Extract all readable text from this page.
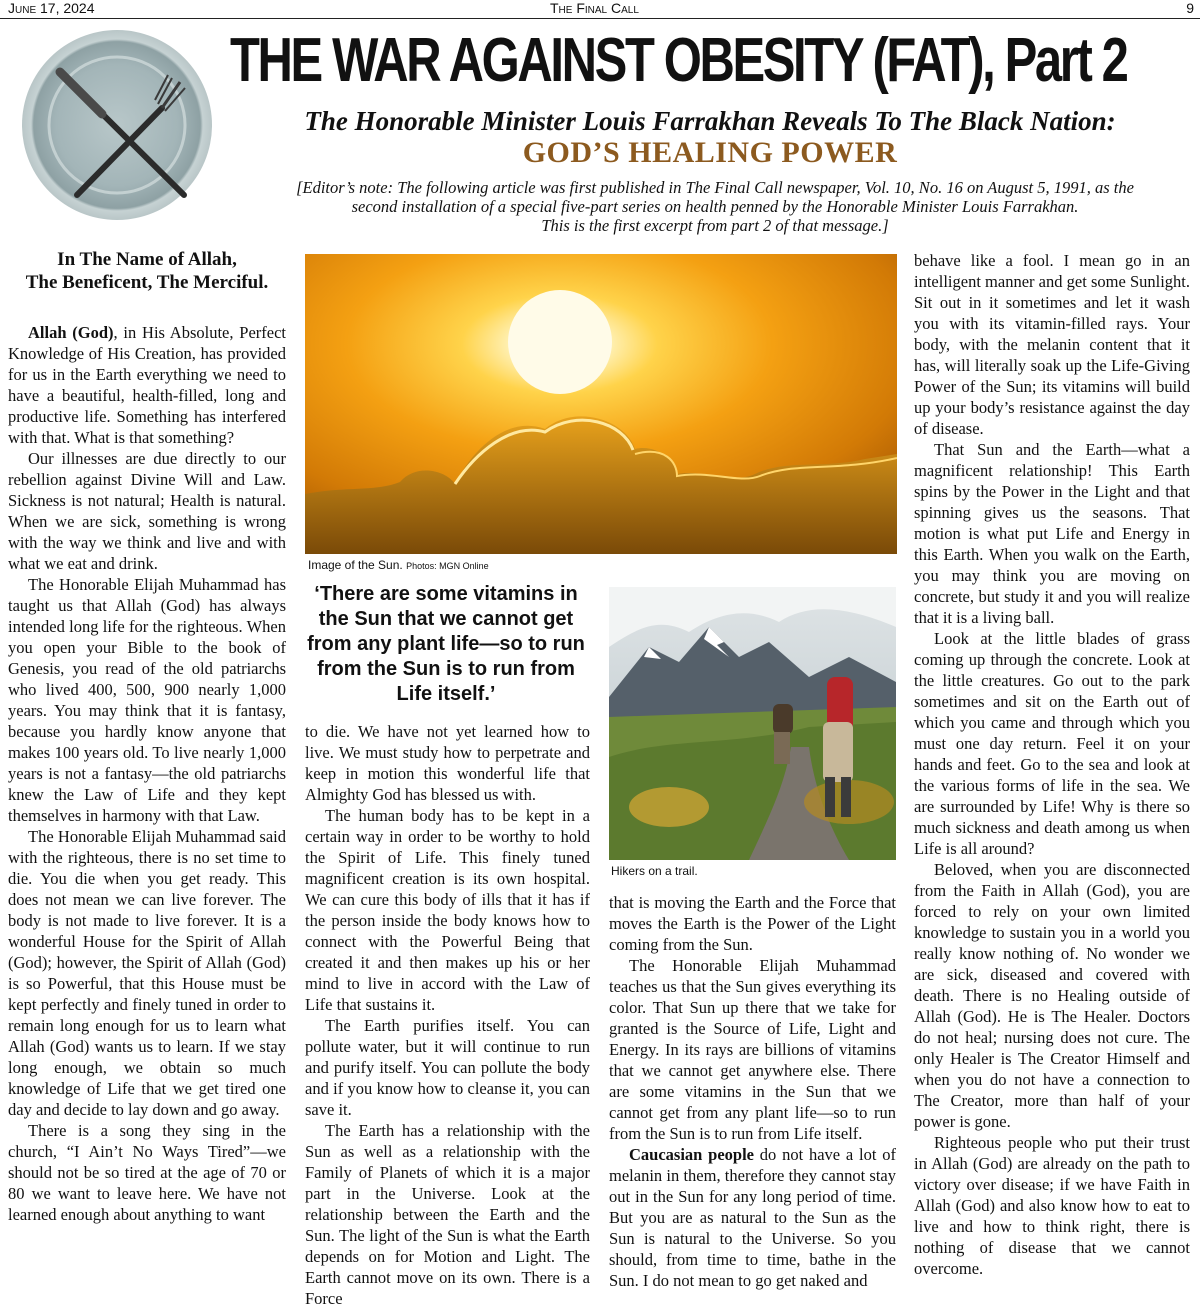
June 17, 2024	The Final Call	9
THE WAR AGAINST OBESITY (FAT), Part 2
The Honorable Minister Louis Farrakhan Reveals To The Black Nation:
GOD’S HEALING POWER
[Editor’s note: The following article was first published in The Final Call newspaper, Vol. 10, No. 16 on August 5, 1991, as the
second installation of a special five-part series on health penned by the Honorable Minister Louis Farrakhan.
This is the first excerpt from part 2 of that message.]
In The Name of Allah,
The Beneficent, The Merciful.

Allah (God), in His Absolute, Perfect Knowledge of His Creation, has provided for us in the Earth everything we need to have a beautiful, health-filled, long and productive life. Something has interfered with that. What is that something?

Our illnesses are due directly to our rebellion against Divine Will and Law. Sickness is not natural; Health is natural. When we are sick, something is wrong with the way we think and live and with what we eat and drink.

The Honorable Elijah Muhammad has taught us that Allah (God) has always intended long life for the righteous. When you open your Bible to the book of Genesis, you read of the old patriarchs who lived 400, 500, 900 nearly 1,000 years. You may think that it is fantasy, because you hardly know anyone that makes 100 years old. To live nearly 1,000 years is not a fantasy—the old patriarchs knew the Law of Life and they kept themselves in harmony with that Law.

The Honorable Elijah Muhammad said with the righteous, there is no set time to die. You die when you get ready. This does not mean we can live forever. The body is not made to live forever. It is a wonderful House for the Spirit of Allah (God); however, the Spirit of Allah (God) is so Powerful, that this House must be kept perfectly and finely tuned in order to remain long enough for us to learn what Allah (God) wants us to learn. If we stay long enough, we obtain so much knowledge of Life that we get tired one day and decide to lay down and go away.

There is a song they sing in the church, “I Ain’t No Ways Tired”—we should not be so tired at the age of 70 or 80 we want to leave here. We have not learned enough about anything to want

Image of the Sun. Photos: MGN Online
‘There are some vitamins in the Sun that we cannot get from any plant life—so to run from the Sun is to run from Life itself.’

to die. We have not yet learned how to live. We must study how to perpetrate and keep in motion this wonderful life that Almighty God has blessed us with.

The human body has to be kept in a certain way in order to be worthy to hold the Spirit of Life. This finely tuned magnificent creation is its own hospital. We can cure this body of ills that it has if the person inside the body knows how to connect with the Powerful Being that created it and then makes up his or her mind to live in accord with the Law of Life that sustains it.

The Earth purifies itself. You can pollute water, but it will continue to run and purify itself. You can pollute the body and if you know how to cleanse it, you can save it.

The Earth has a relationship with the Sun as well as a relationship with the Family of Planets of which it is a major part in the Universe. Look at the relationship between the Earth and the Sun. The light of the Sun is what the Earth depends on for Motion and Light. The Earth cannot move on its own. There is a Force

Hikers on a trail.

that is moving the Earth and the Force that moves the Earth is the Power of the Light coming from the Sun.

The Honorable Elijah Muhammad teaches us that the Sun gives everything its color. That Sun up there that we take for granted is the Source of Life, Light and Energy. In its rays are billions of vitamins that we cannot get anywhere else. There are some vitamins in the Sun that we cannot get from any plant life—so to run from the Sun is to run from Life itself.

Caucasian people do not have a lot of melanin in them, therefore they cannot stay out in the Sun for any long period of time. But you are as natural to the Sun as the Sun is natural to the Universe. So you should, from time to time, bathe in the Sun. I do not mean to go get naked and

behave like a fool. I mean go in an intelligent manner and get some Sunlight. Sit out in it sometimes and let it wash you with its vitamin-filled rays. Your body, with the melanin content that it has, will literally soak up the Life-Giving Power of the Sun; its vitamins will build up your body’s resistance against the day of disease.

That Sun and the Earth—what a magnificent relationship! This Earth spins by the Power in the Light and that spinning gives us the seasons. That motion is what put Life and Energy in this Earth. When you walk on the Earth, you may think you are moving on concrete, but study it and you will realize that it is a living ball.

Look at the little blades of grass coming up through the concrete. Look at the little creatures. Go out to the park sometimes and sit on the Earth out of which you came and through which you must one day return. Feel it on your hands and feet. Go to the sea and look at the various forms of life in the sea. We are surrounded by Life! Why is there so much sickness and death among us when Life is all around?

Beloved, when you are disconnected from the Faith in Allah (God), you are forced to rely on your own limited knowledge to sustain you in a world you really know nothing of. No wonder we are sick, diseased and covered with death. There is no Healing outside of Allah (God). He is The Healer. Doctors do not heal; nursing does not cure. The only Healer is The Creator Himself and when you do not have a connection to The Creator, more than half of your power is gone.

Righteous people who put their trust in Allah (God) are already on the path to victory over disease; if we have Faith in Allah (God) and also know how to eat to live and how to think right, there is nothing of disease that we cannot overcome.
